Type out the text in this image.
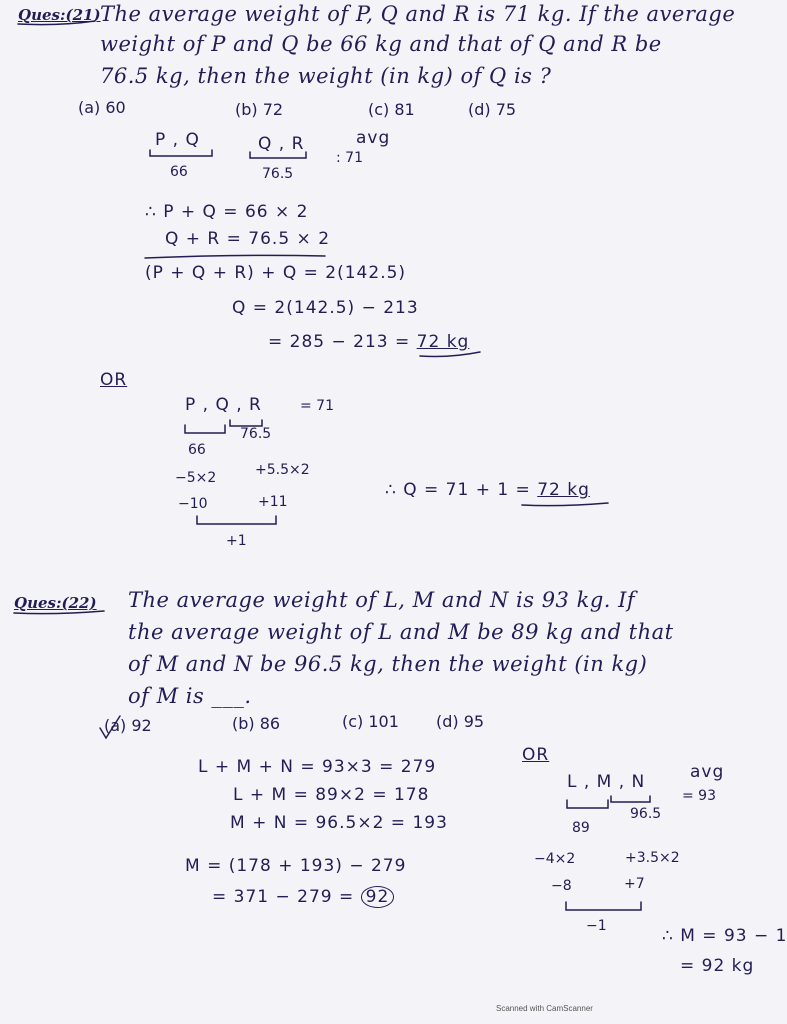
Ques:(21) The average weight of P, Q and R is 71 kg. If the average
weight of P and Q be 66 kg and that of Q and R be
76.5 kg, then the weight (in kg) of Q is ?
(a) 60	(b) 72	(c) 81	(d) 75
P , Q
66
Q , R
76.5
avg
: 71
∴ P + Q = 66 × 2
Q + R = 76.5 × 2
(P + Q + R) + Q = 2(142.5)
Q = 2(142.5) − 213
= 285 − 213 = 72 kg
OR
P , Q , R	= 71
76.5
66
−5×2	+5.5×2
−10	+11
+1
∴ Q = 71 + 1 = 72 kg
Ques:(22) The average weight of L, M and N is 93 kg. If
the average weight of L and M be 89 kg and that
of M and N be 96.5 kg, then the weight (in kg)
of M is ___.
(a) 92	(b) 86	(c) 101 (d) 95
L + M + N = 93×3 = 279
L + M = 89×2 = 178
M + N = 96.5×2 = 193
M = (178 + 193) − 279
= 371 − 279 = 92
OR
L , M , N	avg
= 93
96.5
89
−4×2	+3.5×2
−8	+7
−1	∴ M = 93 − 1
= 92 kg
Scanned with CamScanner
